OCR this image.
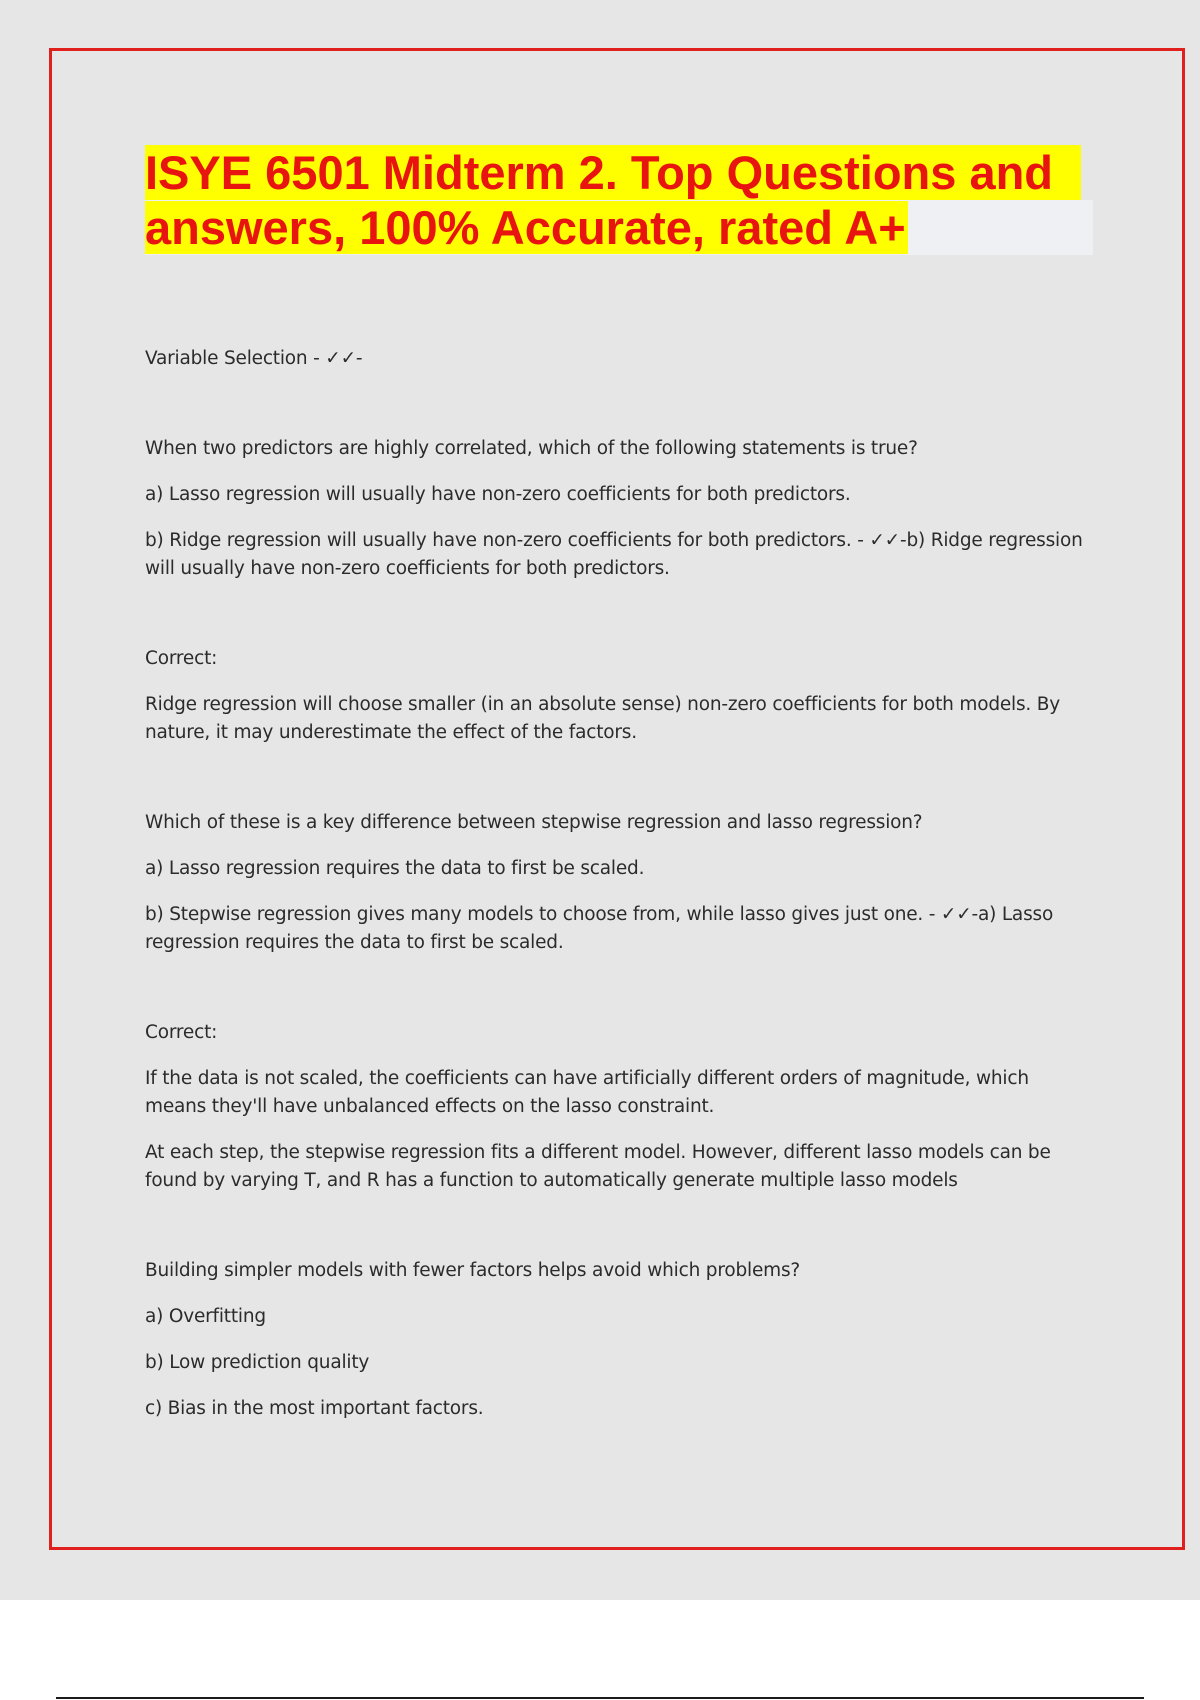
ISYE 6501 Midterm 2. Top Questions and
answers, 100% Accurate, rated A+

Variable Selection - ✓✓-

When two predictors are highly correlated, which of the following statements is true?

a) Lasso regression will usually have non-zero coefficients for both predictors.

b) Ridge regression will usually have non-zero coefficients for both predictors. - ✓✓-b) Ridge regression will usually have non-zero coefficients for both predictors.

Correct:

Ridge regression will choose smaller (in an absolute sense) non-zero coefficients for both models. By nature, it may underestimate the effect of the factors.

Which of these is a key difference between stepwise regression and lasso regression?

a) Lasso regression requires the data to first be scaled.

b) Stepwise regression gives many models to choose from, while lasso gives just one. - ✓✓-a) Lasso regression requires the data to first be scaled.

Correct:

If the data is not scaled, the coefficients can have artificially different orders of magnitude, which means they'll have unbalanced effects on the lasso constraint.

At each step, the stepwise regression fits a different model. However, different lasso models can be found by varying T, and R has a function to automatically generate multiple lasso models

Building simpler models with fewer factors helps avoid which problems?

a) Overfitting

b) Low prediction quality

c) Bias in the most important factors.
